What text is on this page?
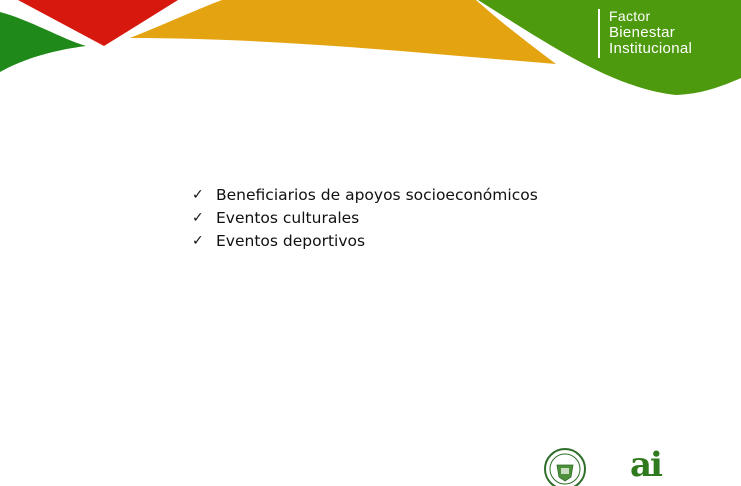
Factor
Bienestar
Institucional
✓ Beneficiarios de apoyos socioeconómicos
✓ Eventos culturales
✓ Eventos deportivos
ai
